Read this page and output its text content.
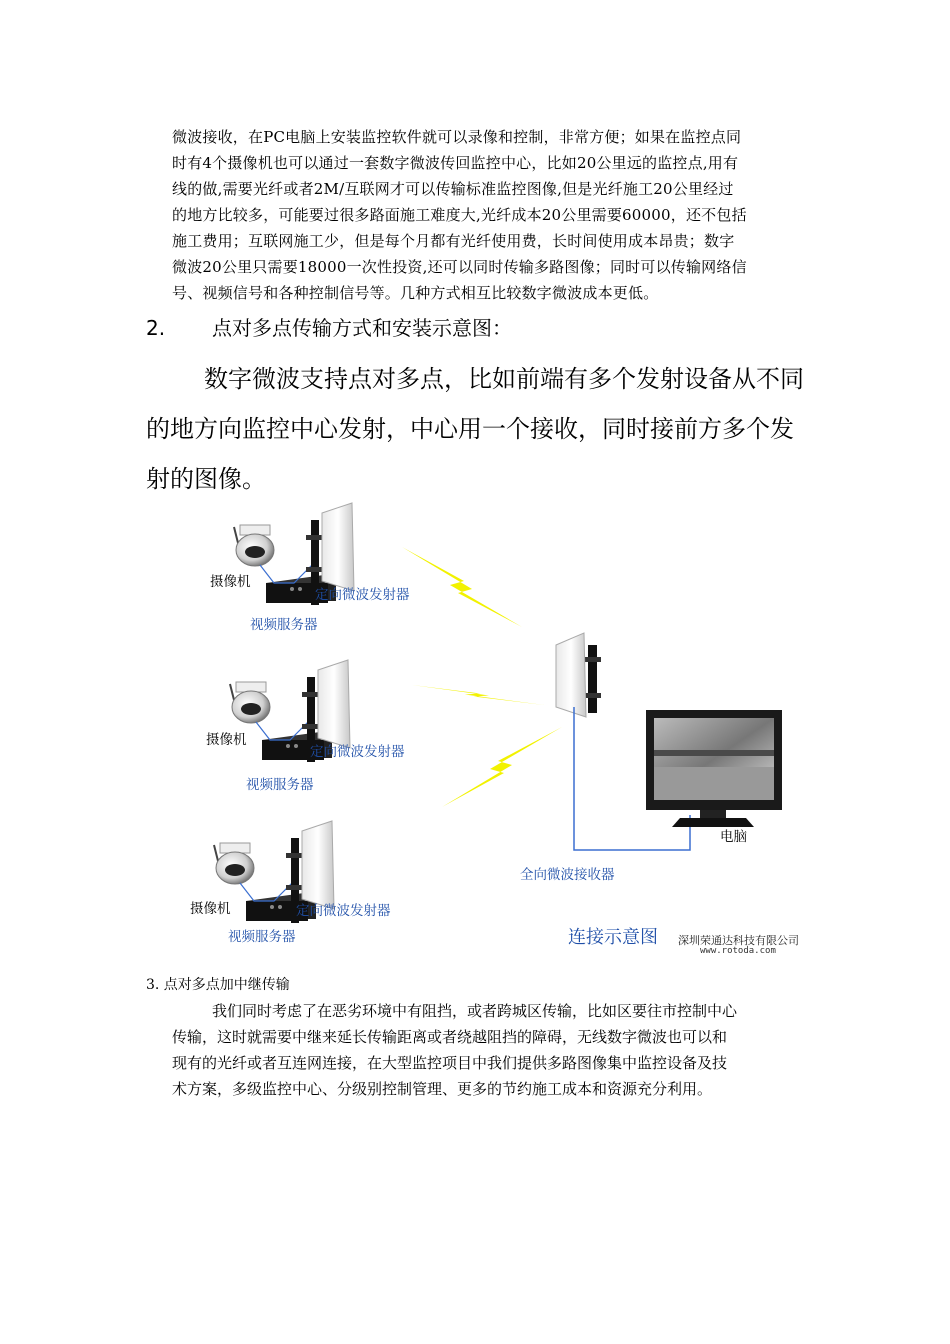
微波接收，在PC电脑上安装监控软件就可以录像和控制，非常方便；如果在监控点同

时有4个摄像机也可以通过一套数字微波传回监控中心，比如20公里远的监控点,用有

线的做,需要光纤或者2M/互联网才可以传输标准监控图像,但是光纤施工20公里经过

的地方比较多，可能要过很多路面施工难度大,光纤成本20公里需要60000，还不包括

施工费用；互联网施工少，但是每个月都有光纤使用费，长时间使用成本昂贵；数字

微波20公里只需要18000一次性投资,还可以同时传输多路图像；同时可以传输网络信

号、视频信号和各种控制信号等。几种方式相互比较数字微波成本更低。

2. 点对多点传输方式和安装示意图：

数字微波支持点对多点，比如前端有多个发射设备从不同

的地方向监控中心发射，中心用一个接收，同时接前方多个发

射的图像。

摄像机
定向微波发射器
视频服务器
摄像机
定向微波发射器
视频服务器
摄像机	定向微波发射器
视频服务器
电脑
全向微波接收器
连接示意图 深圳荣通达科技有限公司
www.rotoda.com
3. 点对多点加中继传输

我们同时考虑了在恶劣环境中有阻挡，或者跨城区传输，比如区要往市控制中心

传输，这时就需要中继来延长传输距离或者绕越阻挡的障碍，无线数字微波也可以和

现有的光纤或者互连网连接，在大型监控项目中我们提供多路图像集中监控设备及技

术方案，多级监控中心、分级别控制管理、更多的节约施工成本和资源充分利用。
